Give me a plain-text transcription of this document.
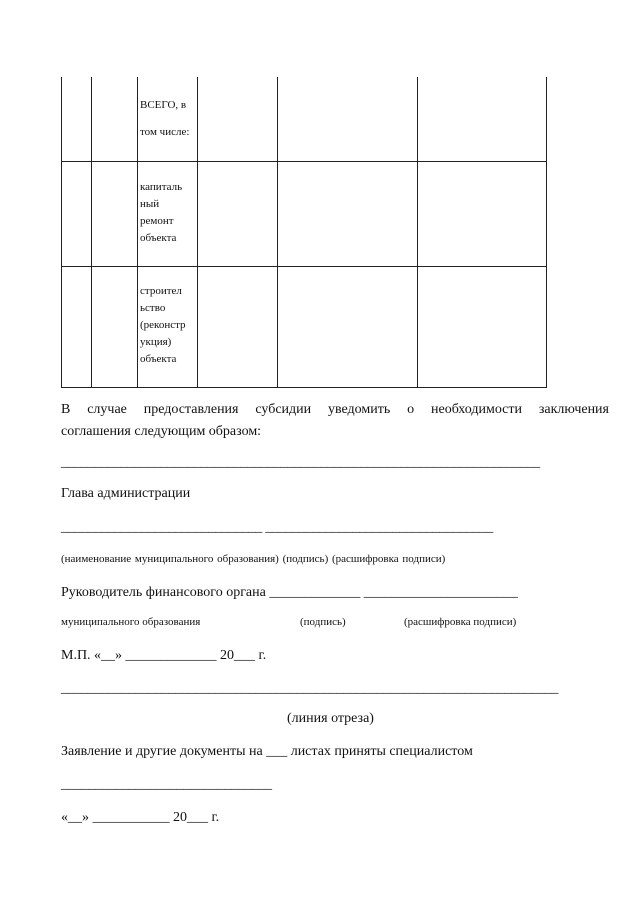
ВСЕГО, в
том числе:
капиталь
ный
ремонт
объекта
строител
ьство
(реконстр
укция)
объекта
В случае предоставления субсидии уведомить о необходимости заключения
соглашения следующим образом:
________________________________________________________________________
Глава администрации
______________________________ __________________________________
(наименование муниципального образования) (подпись) (расшифровка подписи)
Руководитель финансового органа _____________ ______________________
муниципального образования	(подпись)	(расшифровка подписи)
М.П. «__» _____________ 20___ г.
__________________________________________________________________________
(линия отреза)
Заявление и другие документы на ___ листах приняты специалистом
_______________________________
«__» ___________ 20___ г.
